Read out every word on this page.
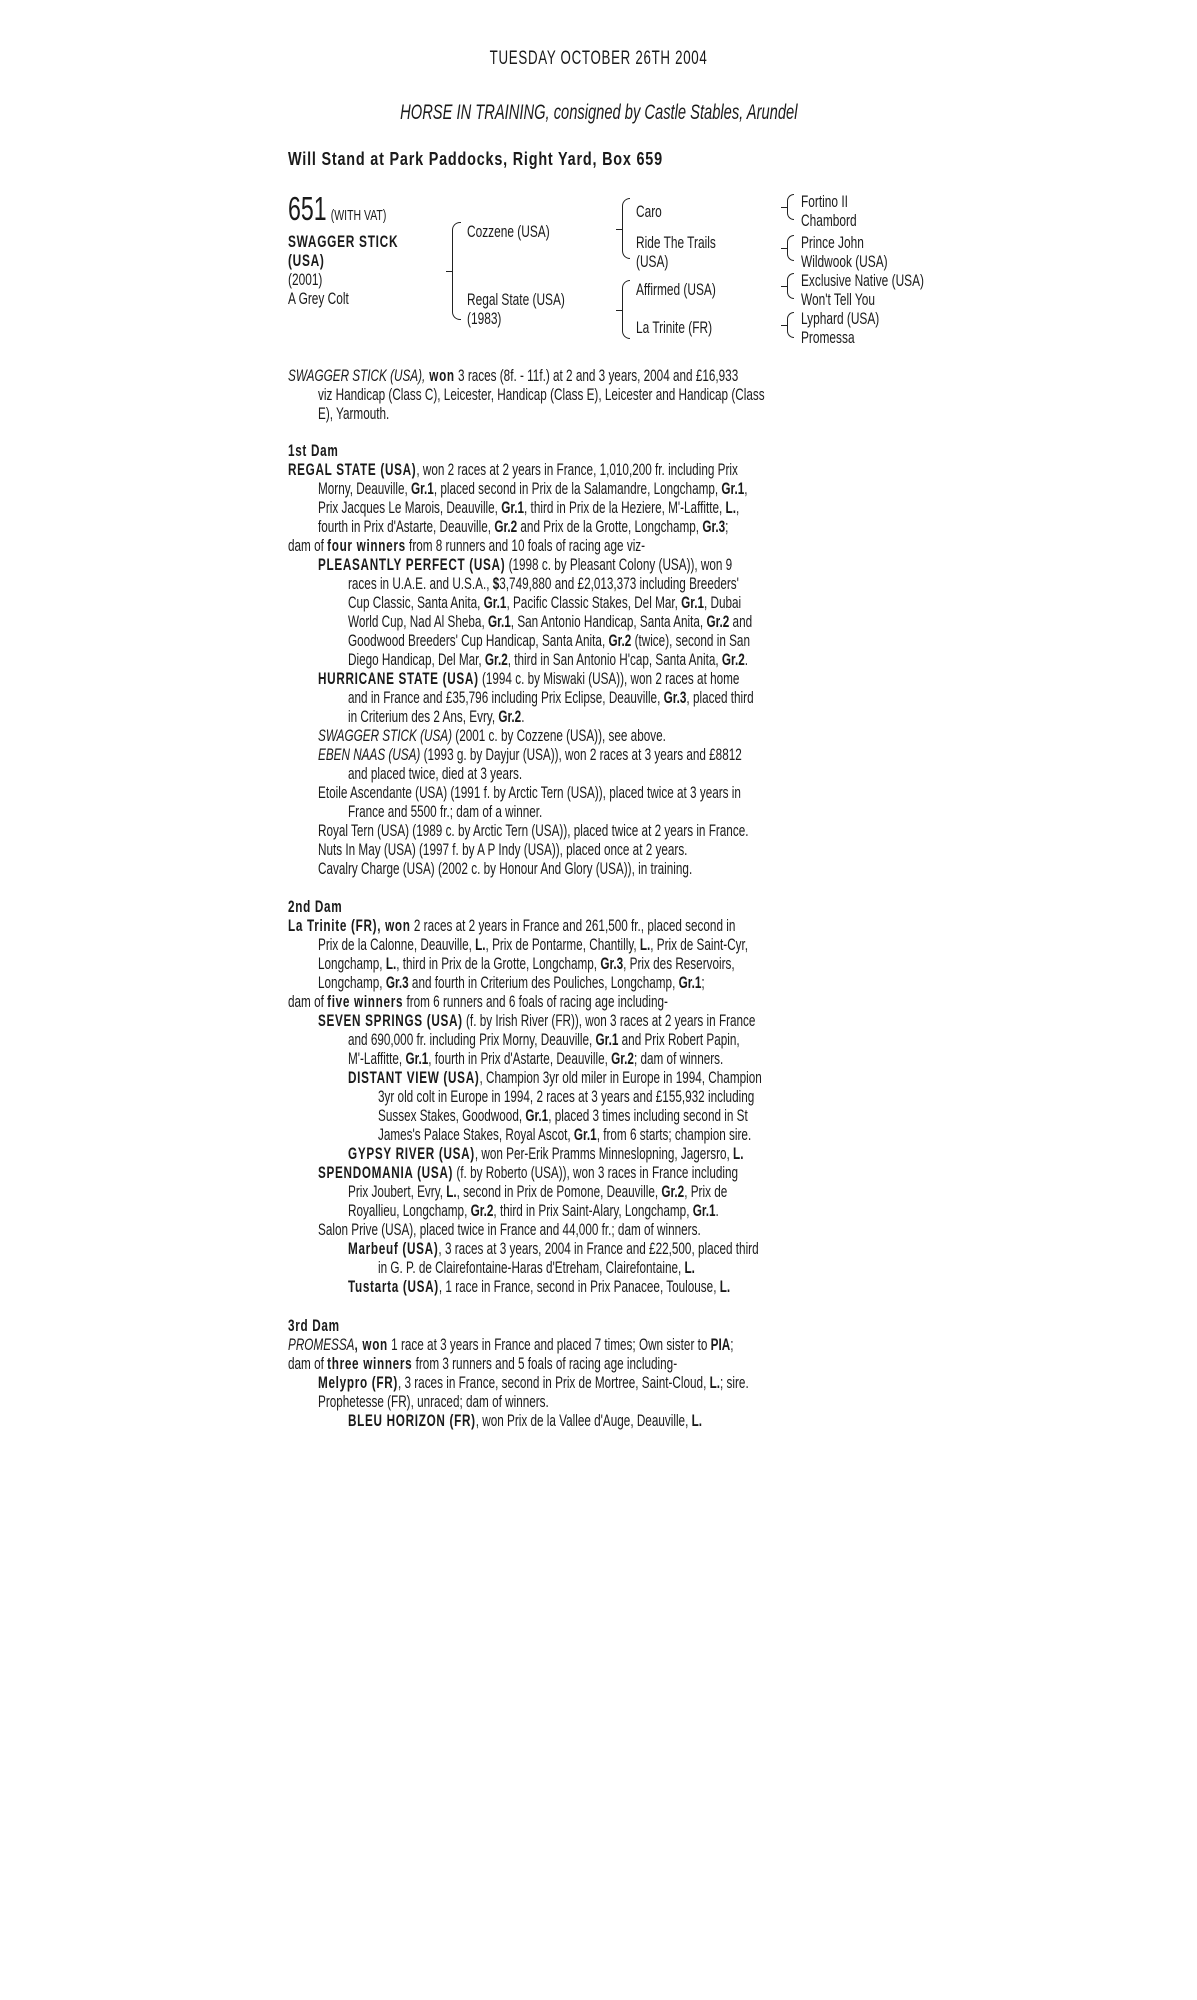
TUESDAY OCTOBER 26TH 2004
HORSE IN TRAINING, consigned by Castle Stables, Arundel
Will Stand at Park Paddocks, Right Yard, Box 659
651 (WITH VAT)
SWAGGER STICK
(USA)
(2001)
A Grey Colt
Cozzene (USA)
Regal State (USA)
(1983)
Caro
Ride The Trails
(USA)
Affirmed (USA)
La Trinite (FR)
Fortino II
Chambord
Prince John
Wildwook (USA)
Exclusive Native (USA)
Won't Tell You
Lyphard (USA)
Promessa
SWAGGER STICK (USA), won 3 races (8f. - 11f.) at 2 and 3 years, 2004 and £16,933
viz Handicap (Class C), Leicester, Handicap (Class E), Leicester and Handicap (Class
E), Yarmouth.
1st Dam
REGAL STATE (USA), won 2 races at 2 years in France, 1,010,200 fr. including Prix
Morny, Deauville, Gr.1, placed second in Prix de la Salamandre, Longchamp, Gr.1,
Prix Jacques Le Marois, Deauville, Gr.1, third in Prix de la Heziere, M'-Laffitte, L.,
fourth in Prix d'Astarte, Deauville, Gr.2 and Prix de la Grotte, Longchamp, Gr.3;
dam of four winners from 8 runners and 10 foals of racing age viz-
PLEASANTLY PERFECT (USA) (1998 c. by Pleasant Colony (USA)), won 9
races in U.A.E. and U.S.A., $3,749,880 and £2,013,373 including Breeders'
Cup Classic, Santa Anita, Gr.1, Pacific Classic Stakes, Del Mar, Gr.1, Dubai
World Cup, Nad Al Sheba, Gr.1, San Antonio Handicap, Santa Anita, Gr.2 and
Goodwood Breeders' Cup Handicap, Santa Anita, Gr.2 (twice), second in San
Diego Handicap, Del Mar, Gr.2, third in San Antonio H'cap, Santa Anita, Gr.2.
HURRICANE STATE (USA) (1994 c. by Miswaki (USA)), won 2 races at home
and in France and £35,796 including Prix Eclipse, Deauville, Gr.3, placed third
in Criterium des 2 Ans, Evry, Gr.2.
SWAGGER STICK (USA) (2001 c. by Cozzene (USA)), see above.
EBEN NAAS (USA) (1993 g. by Dayjur (USA)), won 2 races at 3 years and £8812
and placed twice, died at 3 years.
Etoile Ascendante (USA) (1991 f. by Arctic Tern (USA)), placed twice at 3 years in
France and 5500 fr.; dam of a winner.
Royal Tern (USA) (1989 c. by Arctic Tern (USA)), placed twice at 2 years in France.
Nuts In May (USA) (1997 f. by A P Indy (USA)), placed once at 2 years.
Cavalry Charge (USA) (2002 c. by Honour And Glory (USA)), in training.
2nd Dam
La Trinite (FR), won 2 races at 2 years in France and 261,500 fr., placed second in
Prix de la Calonne, Deauville, L., Prix de Pontarme, Chantilly, L., Prix de Saint-Cyr,
Longchamp, L., third in Prix de la Grotte, Longchamp, Gr.3, Prix des Reservoirs,
Longchamp, Gr.3 and fourth in Criterium des Pouliches, Longchamp, Gr.1;
dam of five winners from 6 runners and 6 foals of racing age including-
SEVEN SPRINGS (USA) (f. by Irish River (FR)), won 3 races at 2 years in France
and 690,000 fr. including Prix Morny, Deauville, Gr.1 and Prix Robert Papin,
M'-Laffitte, Gr.1, fourth in Prix d'Astarte, Deauville, Gr.2; dam of winners.
DISTANT VIEW (USA), Champion 3yr old miler in Europe in 1994, Champion
3yr old colt in Europe in 1994, 2 races at 3 years and £155,932 including
Sussex Stakes, Goodwood, Gr.1, placed 3 times including second in St
James's Palace Stakes, Royal Ascot, Gr.1, from 6 starts; champion sire.
GYPSY RIVER (USA), won Per-Erik Pramms Minneslopning, Jagersro, L.
SPENDOMANIA (USA) (f. by Roberto (USA)), won 3 races in France including
Prix Joubert, Evry, L., second in Prix de Pomone, Deauville, Gr.2, Prix de
Royallieu, Longchamp, Gr.2, third in Prix Saint-Alary, Longchamp, Gr.1.
Salon Prive (USA), placed twice in France and 44,000 fr.; dam of winners.
Marbeuf (USA), 3 races at 3 years, 2004 in France and £22,500, placed third
in G. P. de Clairefontaine-Haras d'Etreham, Clairefontaine, L.
Tustarta (USA), 1 race in France, second in Prix Panacee, Toulouse, L.
3rd Dam
PROMESSA, won 1 race at 3 years in France and placed 7 times; Own sister to PIA;
dam of three winners from 3 runners and 5 foals of racing age including-
Melypro (FR), 3 races in France, second in Prix de Mortree, Saint-Cloud, L.; sire.
Prophetesse (FR), unraced; dam of winners.
BLEU HORIZON (FR), won Prix de la Vallee d'Auge, Deauville, L.
